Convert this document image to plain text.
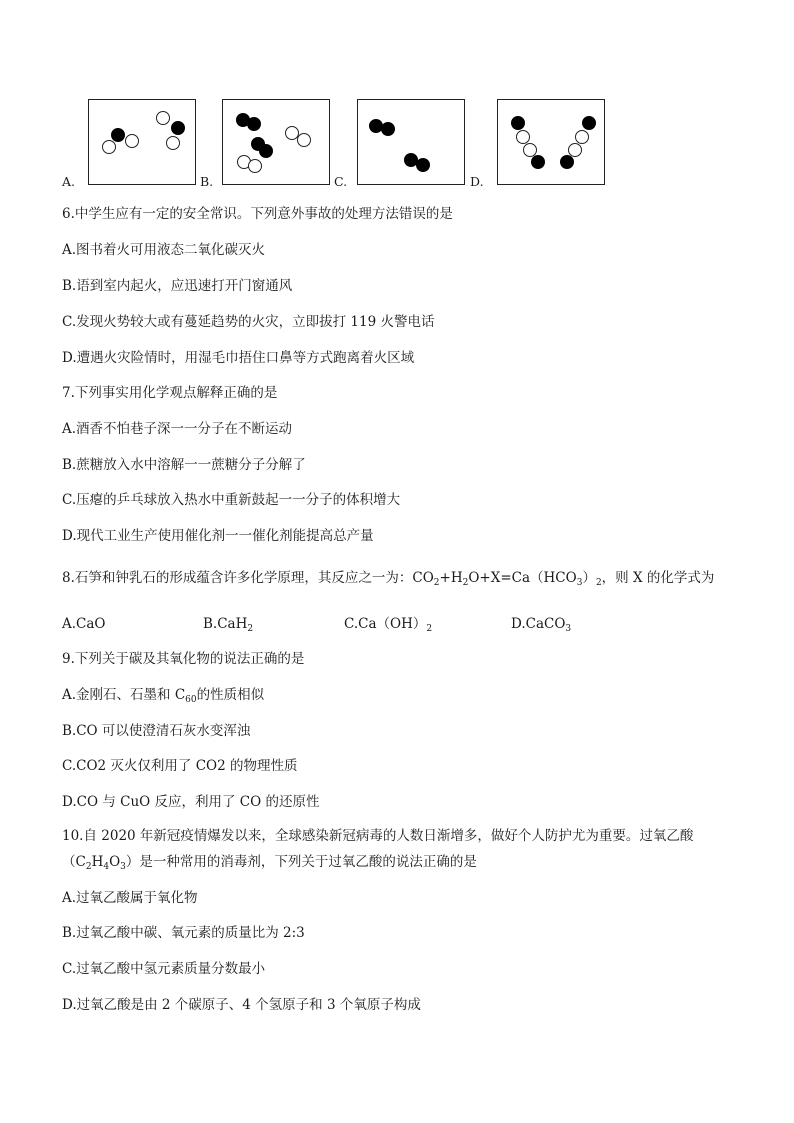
A.	B.	C.	D.
6.中学生应有一定的安全常识。下列意外事故的处理方法错误的是
A.图书着火可用液态二氧化碳灭火
B.语到室内起火，应迅速打开门窗通风
C.发现火势较大或有蔓延趋势的火灾，立即拔打 119 火警电话
D.遭遇火灾险情时，用湿毛巾捂住口鼻等方式跑离着火区域
7.下列事实用化学观点解释正确的是
A.酒香不怕巷子深一一分子在不断运动
B.蔗糖放入水中溶解一一蔗糖分子分解了
C.压瘪的乒乓球放入热水中重新鼓起一一分子的体积增大
D.现代工业生产使用催化剂一一催化剂能提高总产量
8.石笋和钟乳石的形成蕴含许多化学原理，其反应之一为：$CO_2+H_2O+X=Ca(HCO_3)_2$，则 X 的化学式为
A.CaO	B.CaH$_2$	$C.Ca(OH)_2$	D.CaCO$_3$
9.下列关于碳及其氧化物的说法正确的是
A.金刚石、石墨和 $C_{60}$的性质相似
B.CO 可以使澄清石灰水变浑浊
C.CO2 灭火仅利用了 CO2 的物理性质
D.CO 与 CuO 反应，利用了 CO 的还原性
10.自 2020 年新冠疫情爆发以来，全球感染新冠病毒的人数日渐增多，做好个人防护尤为重要。过氧乙酸
$(C_2H_4O_3)$是一种常用的消毒剂，下列关于过氧乙酸的说法正确的是
A.过氧乙酸属于氧化物
B.过氧乙酸中碳、氧元素的质量比为 2:3
C.过氧乙酸中氢元素质量分数最小
D.过氧乙酸是由 2 个碳原子、4 个氢原子和 3 个氧原子构成
